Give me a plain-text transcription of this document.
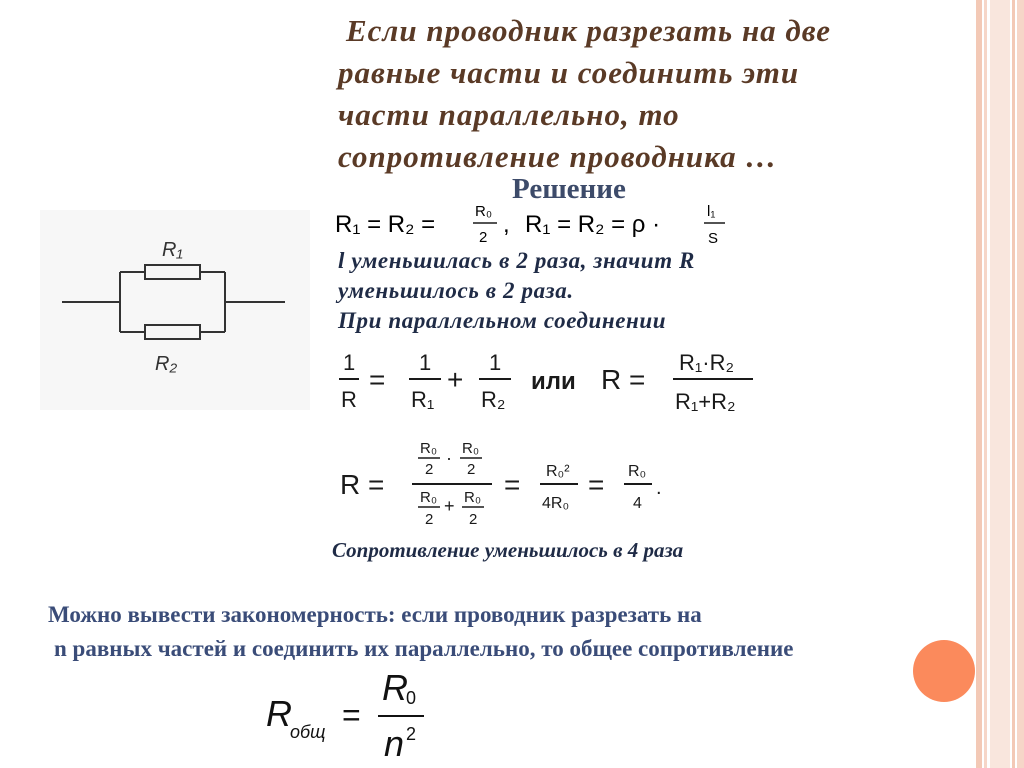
Если проводник разрезать на две
равные части и соединить эти
части параллельно, то
сопротивление проводника …
Решение
R₁
R₂
R₁ = R₂ =	R₀
2 , R₁ = R₂ = ρ ·	l₁
S
l уменьшилась в 2 раза, значит R
уменьшилось в 2 раза.
При параллельном соединении
1
R
=
1
R₁
+
1
R₂
или R =
R₁·R₂
R₁+R₂
R =
R₀
2
· R₀
2
R₀
2
+ R₀
2
= R₀²
4R₀
= R₀
4
.
Сопротивление уменьшилось в 4 раза
Можно вывести закономерность: если проводник разрезать на
n равных частей и соединить их параллельно, то общее сопротивление
R
общ =
R
0
n 2
